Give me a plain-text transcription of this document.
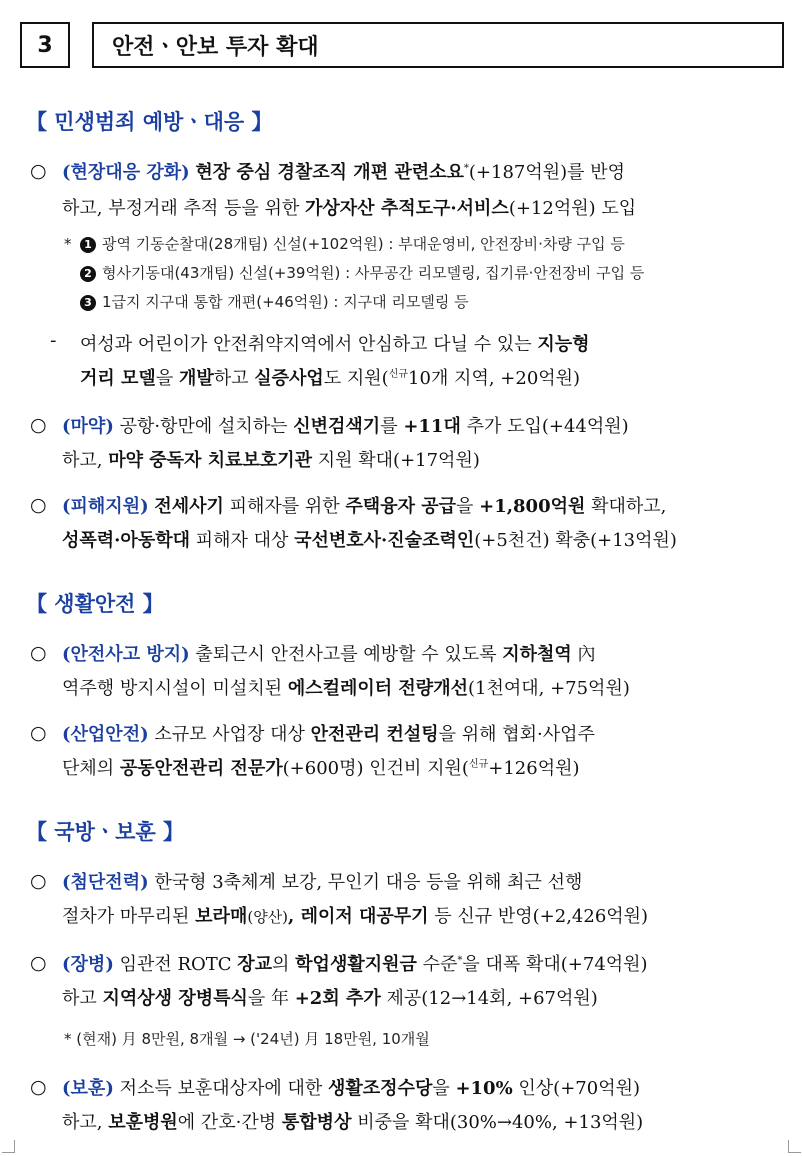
3	안전ㆍ안보 투자 확대
【 민생범죄 예방ㆍ대응 】
○ (현장대응 강화) 현장 중심 경찰조직 개편 관련소요*(+187억원)를 반영
하고, 부정거래 추적 등을 위한 가상자산 추적도구·서비스(+12억원) 도입
*	1 광역 기동순찰대(28개팀) 신설(+102억원) : 부대운영비, 안전장비·차량 구입 등
2 형사기동대(43개팀) 신설(+39억원) : 사무공간 리모델링, 집기류·안전장비 구입 등
3 1급지 지구대 통합 개편(+46억원) : 지구대 리모델링 등
- 여성과 어린이가 안전취약지역에서 안심하고 다닐 수 있는 지능형
거리 모델을 개발하고 실증사업도 지원($^{신규}$10개 지역, +20억원)
○ (마약) 공항·항만에 설치하는 신변검색기를 +11대 추가 도입(+44억원)
하고, 마약 중독자 치료보호기관 지원 확대(+17억원)
○ (피해지원) 전세사기 피해자를 위한 주택융자 공급을 +1,800억원 확대하고,
성폭력·아동학대 피해자 대상 국선변호사·진술조력인(+5천건) 확충(+13억원)
【 생활안전 】
○ (안전사고 방지) 출퇴근시 안전사고를 예방할 수 있도록 지하철역 內
역주행 방지시설이 미설치된 에스컬레이터 전량개선(1천여대, +75억원)
○ (산업안전) 소규모 사업장 대상 안전관리 컨설팅을 위해 협회·사업주
단체의 공동안전관리 전문가(+600명) 인건비 지원($^{신규}$+126억원)
【 국방ㆍ보훈 】
○ (첨단전력) 한국형 3축체계 보강, 무인기 대응 등을 위해 최근 선행
절차가 마무리된 보라매(양산), 레이저 대공무기 등 신규 반영(+2,426억원)
○ (장병) 임관전 ROTC 장교의 학업생활지원금 수준*을 대폭 확대(+74억원)
하고 지역상생 장병특식을 年 +2회 추가 제공(12→14회, +67억원)
* (현재) 月 8만원, 8개월 → ('24년) 月 18만원, 10개월
○ (보훈) 저소득 보훈대상자에 대한 생활조정수당을 +10% 인상(+70억원)
하고, 보훈병원에 간호·간병 통합병상 비중을 확대(30%→40%, +13억원)
